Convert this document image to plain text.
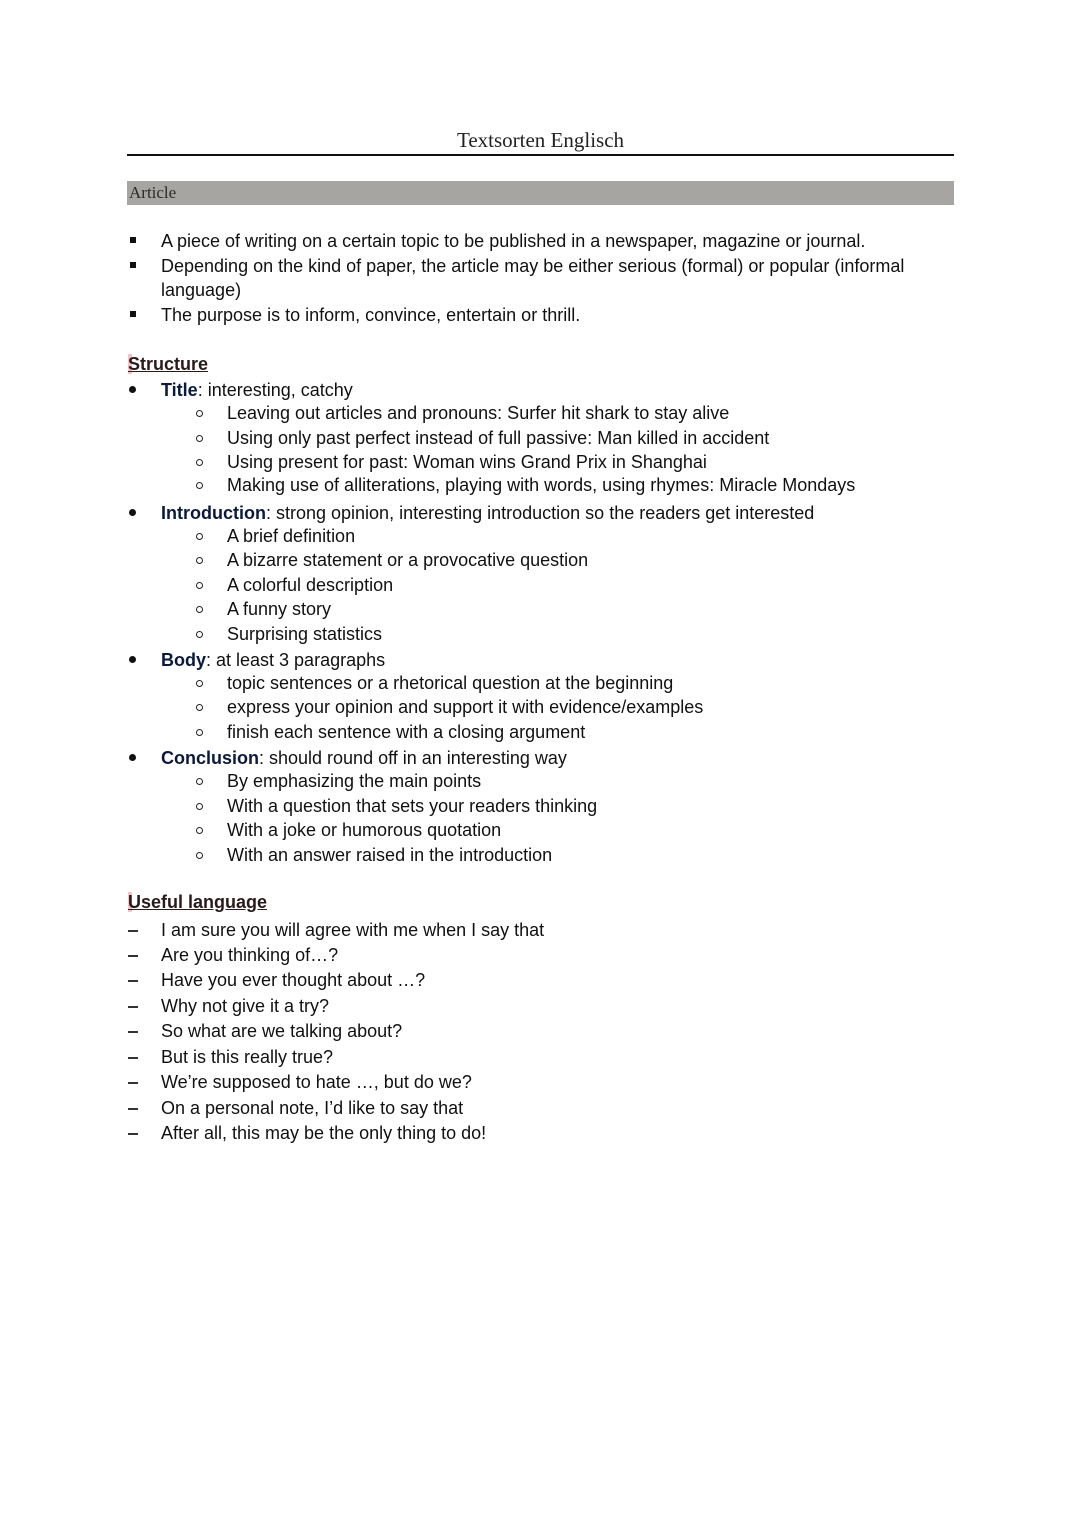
Textsorten Englisch
Article
A piece of writing on a certain topic to be published in a newspaper, magazine or journal.
Depending on the kind of paper, the article may be either serious (formal) or popular (informal
language)
The purpose is to inform, convince, entertain or thrill.
Structure
Title: interesting, catchy
Leaving out articles and pronouns: Surfer hit shark to stay alive
Using only past perfect instead of full passive: Man killed in accident
Using present for past: Woman wins Grand Prix in Shanghai
Making use of alliterations, playing with words, using rhymes: Miracle Mondays
Introduction: strong opinion, interesting introduction so the readers get interested
A brief definition
A bizarre statement or a provocative question
A colorful description
A funny story
Surprising statistics
Body: at least 3 paragraphs
topic sentences or a rhetorical question at the beginning
express your opinion and support it with evidence/examples
finish each sentence with a closing argument
Conclusion: should round off in an interesting way
By emphasizing the main points
With a question that sets your readers thinking
With a joke or humorous quotation
With an answer raised in the introduction
Useful language
I am sure you will agree with me when I say that
Are you thinking of…?
Have you ever thought about …?
Why not give it a try?
So what are we talking about?
But is this really true?
We’re supposed to hate …, but do we?
On a personal note, I’d like to say that
After all, this may be the only thing to do!
